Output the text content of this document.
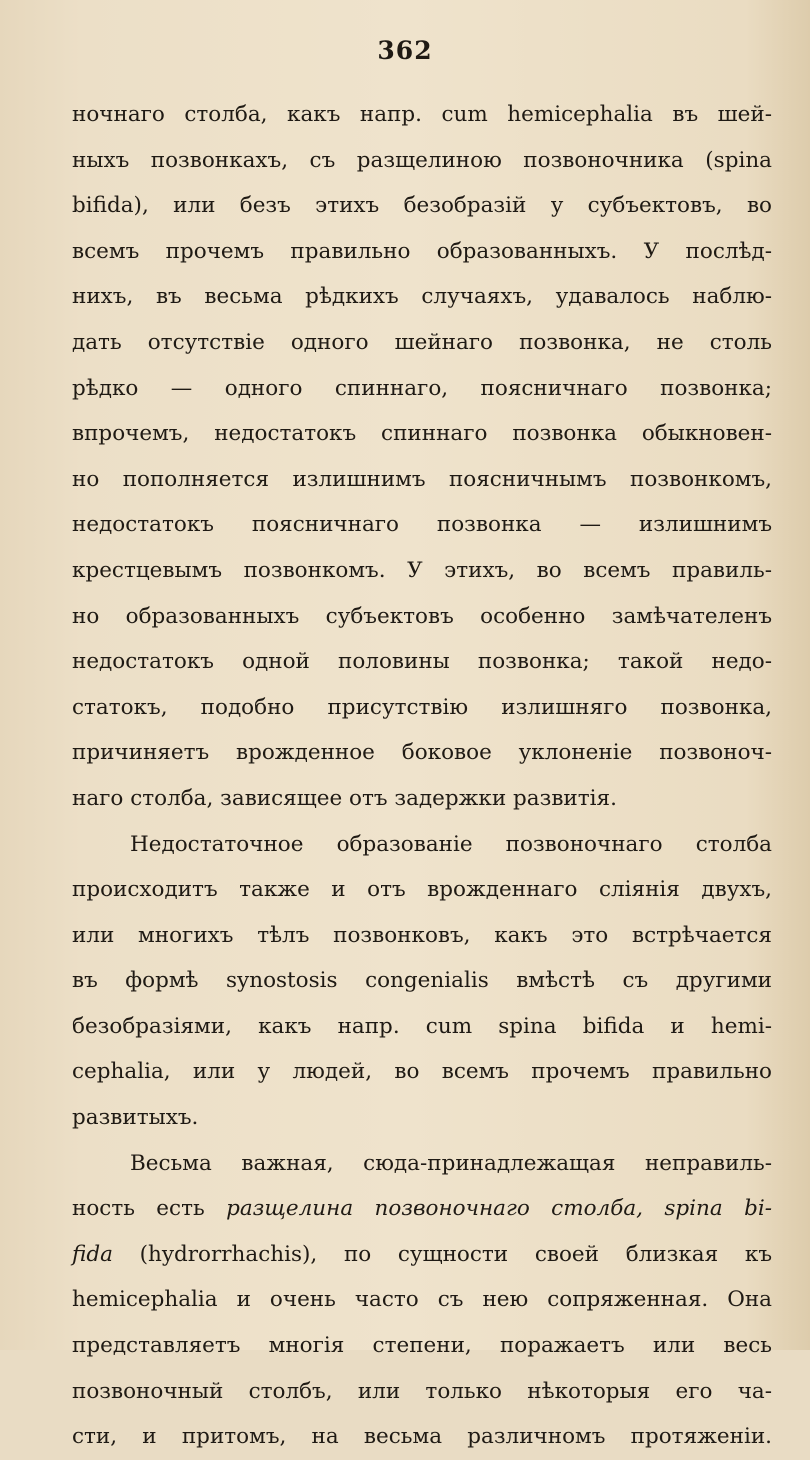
362
ночнаго столба, какъ напр. cum hemicephalia въ шей-
ныхъ позвонкахъ, съ разщелиною позвоночника (spina
bifida), или безъ этихъ безобразій у субъектовъ, во
всемъ прочемъ правильно образованныхъ. У послѣд-
нихъ, въ весьма рѣдкихъ случаяхъ, удавалось наблю-
дать отсутствіе одного шейнаго позвонка, не столь
рѣдко — одного спиннаго, поясничнаго позвонка;
впрочемъ, недостатокъ спиннаго позвонка обыкновен-
но пополняется излишнимъ поясничнымъ позвонкомъ,
недостатокъ поясничнаго позвонка — излишнимъ
крестцевымъ позвонкомъ. У этихъ, во всемъ правиль-
но образованныхъ субъектовъ особенно замѣчателенъ
недостатокъ одной половины позвонка; такой недо-
статокъ, подобно присутствію излишняго позвонка,
причиняетъ врожденное боковое уклоненіе позвоноч-
наго столба, зависящее отъ задержки развитія.
Недостаточное образованіе позвоночнаго столба
происходитъ также и отъ врожденнаго сліянія двухъ,
или многихъ тѣлъ позвонковъ, какъ это встрѣчается
въ формѣ synostosis congenialis вмѣстѣ съ другими
безобразіями, какъ напр. cum spina bifida и hemi-
cephalia, или у людей, во всемъ прочемъ правильно
развитыхъ.
Весьма важная, сюда-принадлежащая неправиль-
ность есть разщелина позвоночнаго столба, spina bi-
fida (hydrorrhachis), по сущности своей близкая къ
hemicephalia и очень часто съ нею сопряженная. Она
представляетъ многія степени, поражаетъ или весь
позвоночный столбъ, или только нѣкоторыя его ча-
сти, и притомъ, на весьма различномъ протяженіи.
